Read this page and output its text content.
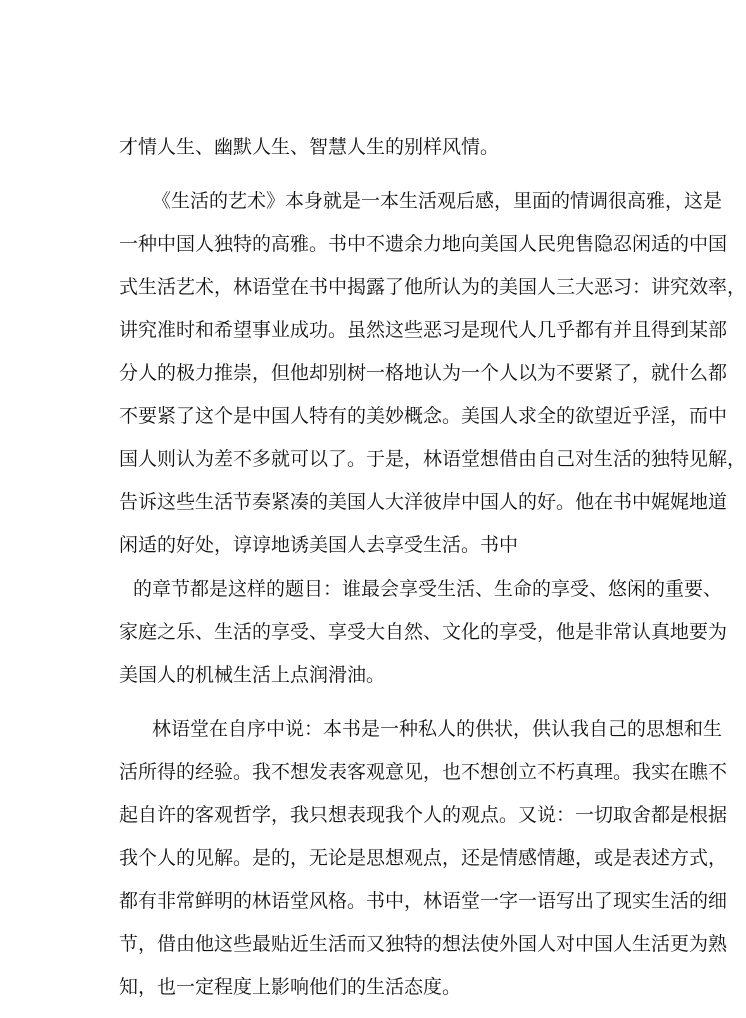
才情人生、幽默人生、智慧人生的别样风情。
《生活的艺术》本身就是一本生活观后感，里面的情调很高雅，这是
一种中国人独特的高雅。书中不遗余力地向美国人民兜售隐忍闲适的中国
式生活艺术，林语堂在书中揭露了他所认为的美国人三大恶习：讲究效率，
讲究准时和希望事业成功。虽然这些恶习是现代人几乎都有并且得到某部
分人的极力推崇，但他却别树一格地认为一个人以为不要紧了，就什么都
不要紧了这个是中国人特有的美妙概念。美国人求全的欲望近乎淫，而中
国人则认为差不多就可以了。于是，林语堂想借由自己对生活的独特见解，
告诉这些生活节奏紧凑的美国人大洋彼岸中国人的好。他在书中娓娓地道
闲适的好处，谆谆地诱美国人去享受生活。书中
的章节都是这样的题目：谁最会享受生活、生命的享受、悠闲的重要、
家庭之乐、生活的享受、享受大自然、文化的享受，他是非常认真地要为
美国人的机械生活上点润滑油。
林语堂在自序中说：本书是一种私人的供状，供认我自己的思想和生
活所得的经验。我不想发表客观意见，也不想创立不朽真理。我实在瞧不
起自许的客观哲学，我只想表现我个人的观点。又说：一切取舍都是根据
我个人的见解。是的，无论是思想观点，还是情感情趣，或是表述方式，
都有非常鲜明的林语堂风格。书中，林语堂一字一语写出了现实生活的细
节，借由他这些最贴近生活而又独特的想法使外国人对中国人生活更为熟
知，也一定程度上影响他们的生活态度。
